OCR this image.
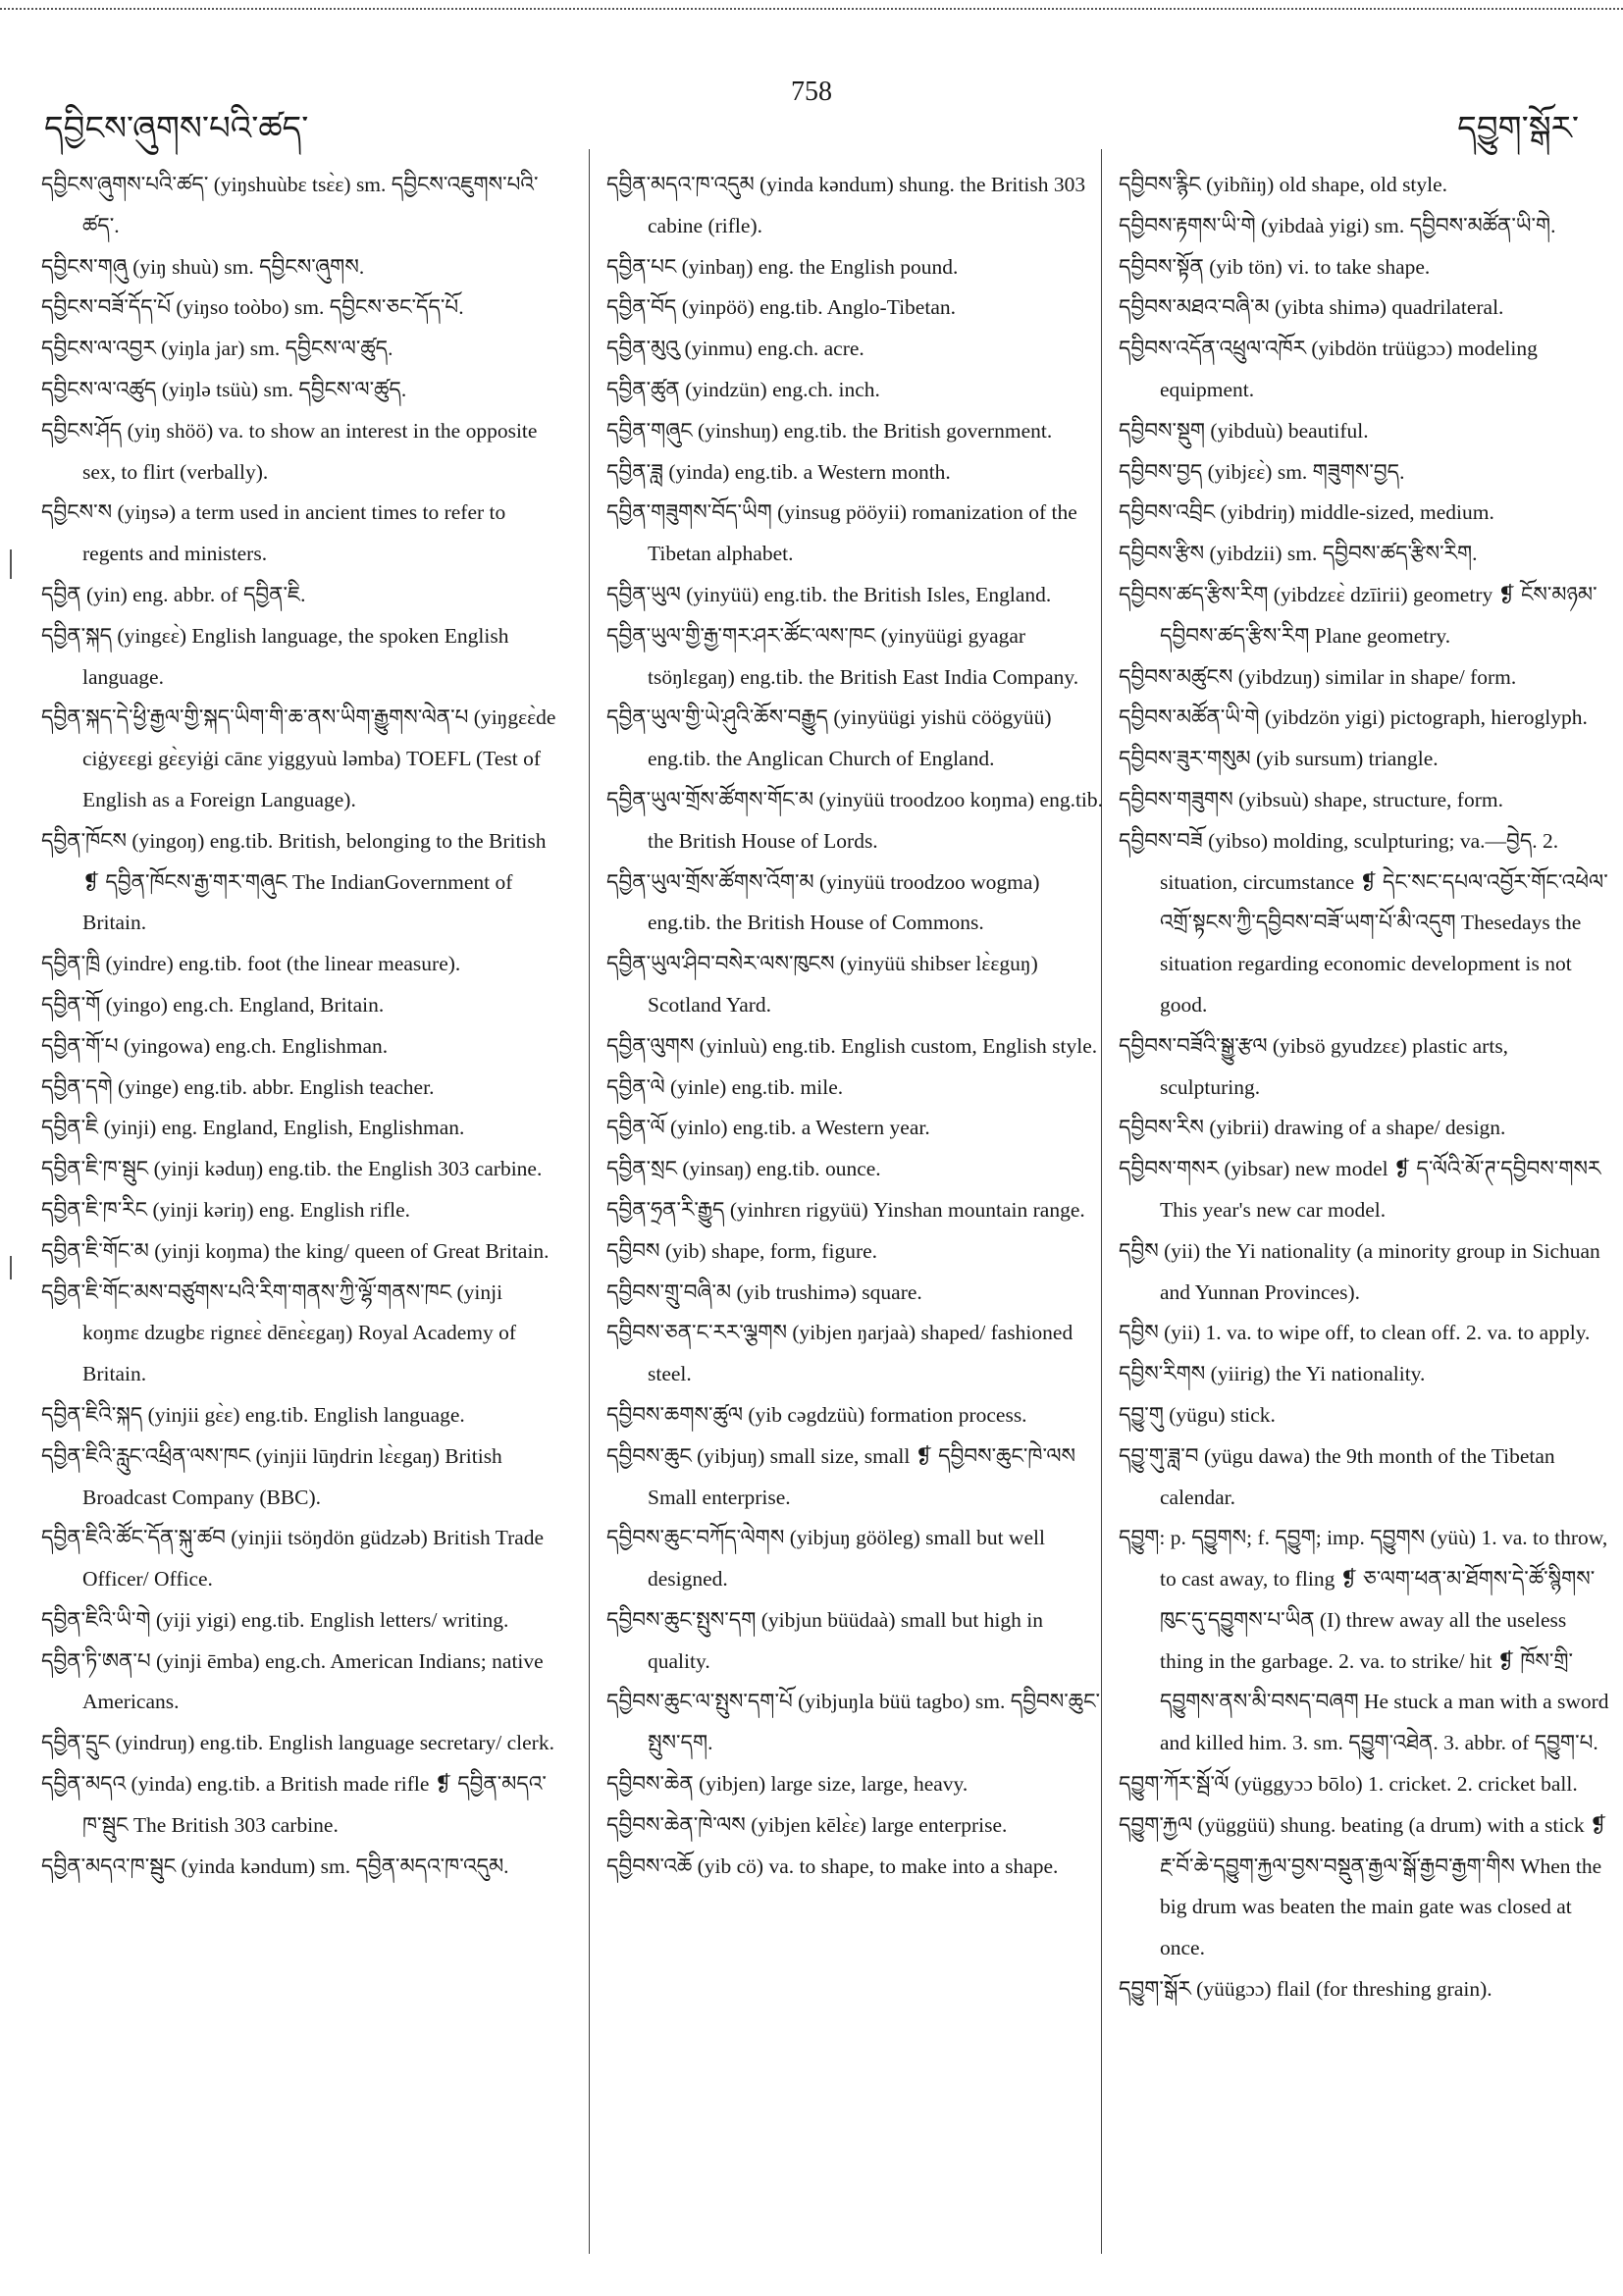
དབྱིངས་ཞུགས་པའི་ཚད་
758
དབྱུག་སྒོར་
དབྱིངས་ཞུགས་པའི་ཚད་ (yiŋshuùbɛ tsɛ̀ɛ) sm. དབྱིངས་འཇུགས་པའི་ཚད་.
དབྱིངས་གཞུ (yiŋ shuù) sm. དབྱིངས་ཞུགས.
དབྱིངས་བཟོ་དོད་པོ (yiŋso toòbo) sm. དབྱིངས་ཅང་དོད་པོ.
དབྱིངས་ལ་འབྱར (yiŋla jar) sm. དབྱིངས་ལ་ཚུད.
དབྱིངས་ལ་འཚུད (yiŋlə tsüù) sm. དབྱིངས་ལ་ཚུད.
དབྱིངས་ཤོད (yiŋ shöö) va. to show an interest in the opposite sex, to flirt (verbally).
དབྱིངས་ས (yiŋsə) a term used in ancient times to refer to regents and ministers.
དབྱིན (yin) eng. abbr. of དབྱིན་ཇི.
དབྱིན་སྐད (yingɛɛ̀) English language, the spoken English language.
དབྱིན་སྐད་དེ་ཕྱི་རྒྱལ་གྱི་སྐད་ཡིག་གི་ཆ་ནས་ཡིག་རྒྱུགས་ལེན་པ (yiŋgɛɛ̀de ciġyɛɛgi gɛ̀ɛyiġi cānɛ yiggyuù ləmba) TOEFL (Test of English as a Foreign Language).
དབྱིན་ཁོངས (yingoŋ) eng.tib. British, belonging to the British ❡ དབྱིན་ཁོངས་རྒྱ་གར་གཞུང The IndianGovernment of Britain.
དབྱིན་ཁྲི (yindre) eng.tib. foot (the linear measure).
དབྱིན་གོ (yingo) eng.ch. England, Britain.
དབྱིན་གོ་པ (yingowa) eng.ch. Englishman.
དབྱིན་དགེ (yinge) eng.tib. abbr. English teacher.
དབྱིན་ཇི (yinji) eng. England, English, Englishman.
དབྱིན་ཇི་ཁ་སྦུང (yinji kəduŋ) eng.tib. the English 303 carbine.
དབྱིན་ཇི་ཁ་རིང (yinji kəriŋ) eng. English rifle.
དབྱིན་ཇི་གོང་མ (yinji koŋma) the king/ queen of Great Britain.
དབྱིན་ཇི་གོང་མས་བཙུགས་པའི་རིག་གནས་ཀྱི་ལྷོ་གནས་ཁང (yinji koŋmɛ dzugbɛ rignɛɛ̀ dēnɛ̀ɛgaŋ) Royal Academy of Britain.
དབྱིན་ཇིའི་སྐད (yinjii gɛ̀ɛ) eng.tib. English language.
དབྱིན་ཇིའི་རླུང་འཕྲིན་ལས་ཁང (yinjii lūŋdrin lɛ̀ɛgaŋ) British Broadcast Company (BBC).
དབྱིན་ཇིའི་ཚོང་དོན་སྐུ་ཚབ (yinjii tsöŋdön güdzəb) British Trade Officer/ Office.
དབྱིན་ཇིའི་ཡི་གེ (yiji yigi) eng.tib. English letters/ writing.
དབྱིན་ཏི་ཨན་པ (yinji ēmba) eng.ch. American Indians; native Americans.
དབྱིན་དྲུང (yindruŋ) eng.tib. English language secretary/ clerk.
དབྱིན་མདའ (yinda) eng.tib. a British made rifle ❡ དབྱིན་མདའ་ཁ་སྦུང The British 303 carbine.
དབྱིན་མདའ་ཁ་སྦུང (yinda kəndum) sm. དབྱིན་མདའ་ཁ་འདུམ.
དབྱིན་མདའ་ཁ་འདུམ (yinda kəndum) shung. the British 303 cabine (rifle).
དབྱིན་པང (yinbaŋ) eng. the English pound.
དབྱིན་བོད (yinpöö) eng.tib. Anglo-Tibetan.
དབྱིན་མུའུ (yinmu) eng.ch. acre.
དབྱིན་ཚུན (yindzün) eng.ch. inch.
དབྱིན་གཞུང (yinshuŋ) eng.tib. the British government.
དབྱིན་ཟླ (yinda) eng.tib. a Western month.
དབྱིན་གཟུགས་བོད་ཡིག (yinsug pööyii) romanization of the Tibetan alphabet.
དབྱིན་ཡུལ (yinyüü) eng.tib. the British Isles, England.
དབྱིན་ཡུལ་གྱི་རྒྱ་གར་ཤར་ཚོང་ལས་ཁང (yinyüügi gyagar tsöŋlɛgaŋ) eng.tib. the British East India Company.
དབྱིན་ཡུལ་གྱི་ཡེ་ཤུའི་ཆོས་བརྒྱུད (yinyüügi yishü cöögyüü) eng.tib. the Anglican Church of England.
དབྱིན་ཡུལ་གྲོས་ཚོགས་གོང་མ (yinyüü troodzoo koŋma) eng.tib. the British House of Lords.
དབྱིན་ཡུལ་གྲོས་ཚོགས་འོག་མ (yinyüü troodzoo wogma) eng.tib. the British House of Commons.
དབྱིན་ཡུལ་ཤིབ་བསེར་ལས་ཁུངས (yinyüü shibser lɛ̀ɛguŋ) Scotland Yard.
དབྱིན་ལུགས (yinluù) eng.tib. English custom, English style.
དབྱིན་ལེ (yinle) eng.tib. mile.
དབྱིན་ལོ (yinlo) eng.tib. a Western year.
དབྱིན་སྲང (yinsaŋ) eng.tib. ounce.
དབྱིན་ཧྲན་རི་རྒྱུད (yinhrɛn rigyüü) Yinshan mountain range.
དབྱིབས (yib) shape, form, figure.
དབྱིབས་གྲུ་བཞི་མ (yib trushimə) square.
དབྱིབས་ཅན་ང་རར་ལྕགས (yibjen ŋarjaà) shaped/ fashioned steel.
དབྱིབས་ཆགས་ཚུལ (yib cəgdzüù) formation process.
དབྱིབས་ཆུང (yibjuŋ) small size, small ❡ དབྱིབས་ཆུང་ཁེ་ལས Small enterprise.
དབྱིབས་ཆུང་བཀོད་ལེགས (yibjuŋ gööleg) small but well designed.
དབྱིབས་ཆུང་སྤུས་དག (yibjun büüdaà) small but high in quality.
དབྱིབས་ཆུང་ལ་སྤུས་དག་པོ (yibjuŋla büü tagbo) sm. དབྱིབས་ཆུང་སྤུས་དག.
དབྱིབས་ཆེན (yibjen) large size, large, heavy.
དབྱིབས་ཆེན་ཁེ་ལས (yibjen kēlɛ̀ɛ) large enterprise.
དབྱིབས་འཆོ (yib cö) va. to shape, to make into a shape.
དབྱིབས་རྙིང (yibñiŋ) old shape, old style.
དབྱིབས་རྟགས་ཡི་གེ (yibdaà yigi) sm. དབྱིབས་མཚོན་ཡི་གེ.
དབྱིབས་སྟོན (yib tön) vi. to take shape.
དབྱིབས་མཐའ་བཞི་མ (yibta shimə) quadrilateral.
དབྱིབས་འདོན་འཕྲུལ་འཁོར (yibdön trüügɔɔ) modeling equipment.
དབྱིབས་སྡུག (yibduù) beautiful.
དབྱིབས་བྱད (yibjɛɛ̀) sm. གཟུགས་བྱད.
དབྱིབས་འབྲིང (yibdriŋ) middle-sized, medium.
དབྱིབས་རྩིས (yibdzii) sm. དབྱིབས་ཚད་རྩིས་རིག.
དབྱིབས་ཚད་རྩིས་རིག (yibdzɛɛ̀ dzīirii) geometry ❡ ངོས་མཉམ་དབྱིབས་ཚད་རྩིས་རིག Plane geometry.
དབྱིབས་མཚུངས (yibdzuŋ) similar in shape/ form.
དབྱིབས་མཚོན་ཡི་གེ (yibdzön yigi) pictograph, hieroglyph.
དབྱིབས་ཟུར་གསུམ (yib sursum) triangle.
དབྱིབས་གཟུགས (yibsuù) shape, structure, form.
དབྱིབས་བཟོ (yibso) molding, sculpturing; va.—བྱེད. 2. situation, circumstance ❡ དེང་སང་དཔལ་འབྱོར་གོང་འཕེལ་འགྲོ་སྟངས་ཀྱི་དབྱིབས་བཟོ་ཡག་པོ་མི་འདུག Thesedays the situation regarding economic development is not good.
དབྱིབས་བཟོའི་སྒྱུ་རྩལ (yibsö gyudzɛɛ) plastic arts, sculpturing.
དབྱིབས་རིས (yibrii) drawing of a shape/ design.
དབྱིབས་གསར (yibsar) new model ❡ ད་ལོའི་མོ་ཊ་དབྱིབས་གསར This year's new car model.
དབྱིས (yii) the Yi nationality (a minority group in Sichuan and Yunnan Provinces).
དབྱིས (yii) 1. va. to wipe off, to clean off. 2. va. to apply.
དབྱིས་རིགས (yiirig) the Yi nationality.
དབྱུ་གུ (yügu) stick.
དབྱུ་གུ་ཟླ་བ (yügu dawa) the 9th month of the Tibetan calendar.
དབྱུག: p. དབྱུགས; f. དབྱུག; imp. དབྱུགས (yüù) 1. va. to throw, to cast away, to fling ❡ ཅ་ལག་ཕན་མ་ཐོགས་དེ་ཚོ་སྙིགས་ཁུང་དུ་དབྱུགས་པ་ཡིན (I) threw away all the useless thing in the garbage. 2. va. to strike/ hit ❡ ཁོས་གྲི་དབྱུགས་ནས་མི་བསད་བཞག He stuck a man with a sword and killed him. 3. sm. དབྱུག་འཐེན. 3. abbr. of དབྱུག་པ.
དབྱུག་ཀོར་སྦོ་ལོ (yüggyɔɔ bōlo) 1. cricket. 2. cricket ball.
དབྱུག་རྐྱལ (yüggüü) shung. beating (a drum) with a stick ❡ རྔ་བོ་ཆེ་དབྱུག་རྐྱལ་བྱས་བསྡུན་རྒྱལ་སྒོ་རྒྱབ་རྒྱག་གིས When the big drum was beaten the main gate was closed at once.
དབྱུག་སྒོར (yüügɔɔ) flail (for threshing grain).
